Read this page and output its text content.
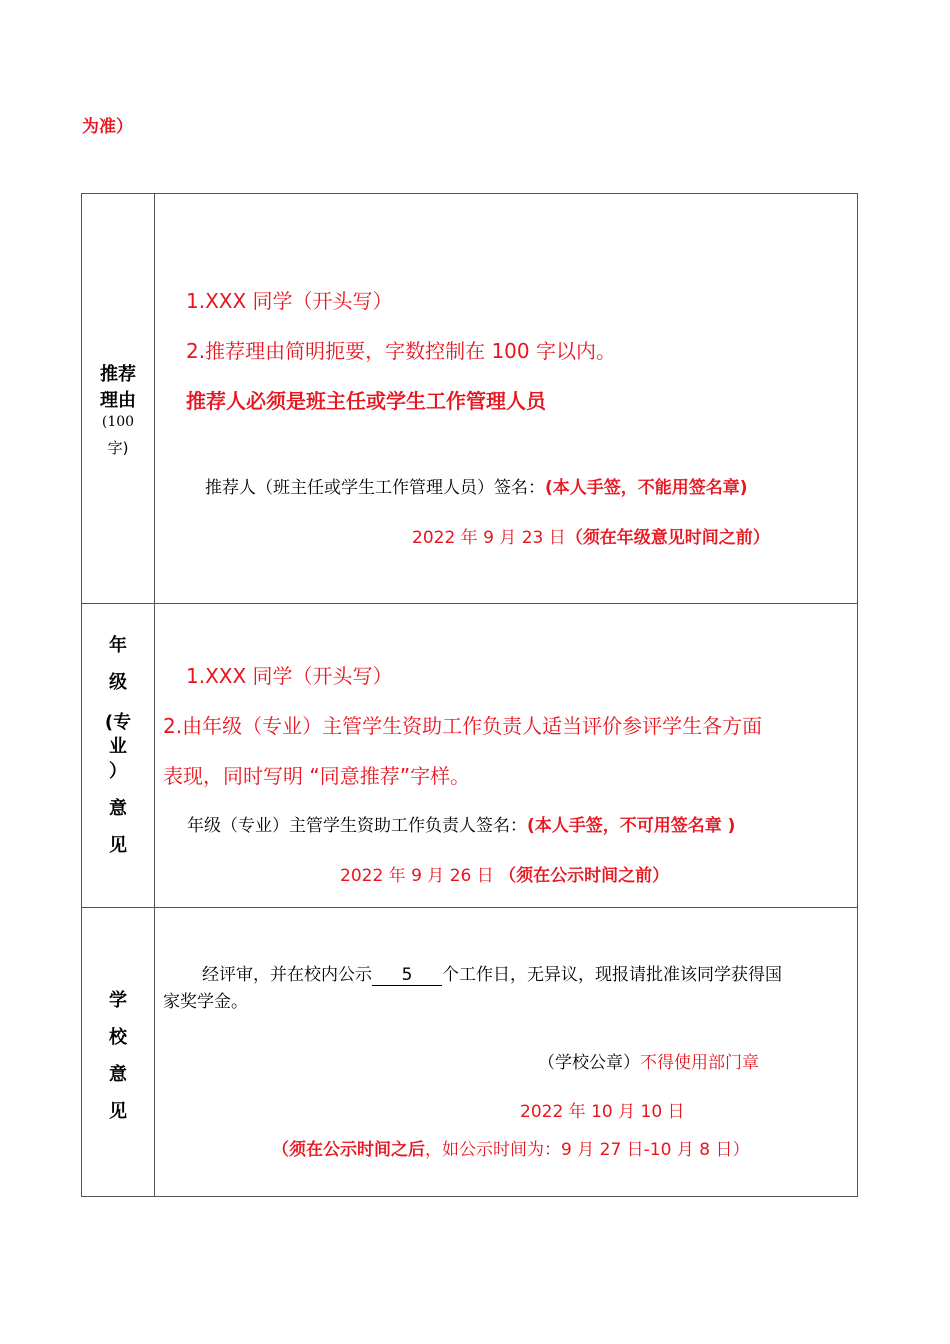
为准）
推荐
理由
(100
字)
1.XXX 同学（开头写）
2.推荐理由简明扼要，字数控制在 100 字以内。
推荐人必须是班主任或学生工作管理人员
推荐人（班主任或学生工作管理人员）签名：(本人手签，不能用签名章)
2022 年 9 月 23 日（须在年级意见时间之前）
年
级
(专
业
）
意
见
1.XXX 同学（开头写）
2.由年级（专业）主管学生资助工作负责人适当评价参评学生各方面
表现，同时写明 “同意推荐”字样。
年级（专业）主管学生资助工作负责人签名：(本人手签，不可用签名章 )
2022 年 9 月 26 日 （须在公示时间之前）
学
校
意
见
经评审，并在校内公示 5 个工作日，无异议，现报请批准该同学获得国
家奖学金。
（学校公章）不得使用部门章
2022 年 10 月 10 日
（须在公示时间之后，如公示时间为：9 月 27 日-10 月 8 日）
